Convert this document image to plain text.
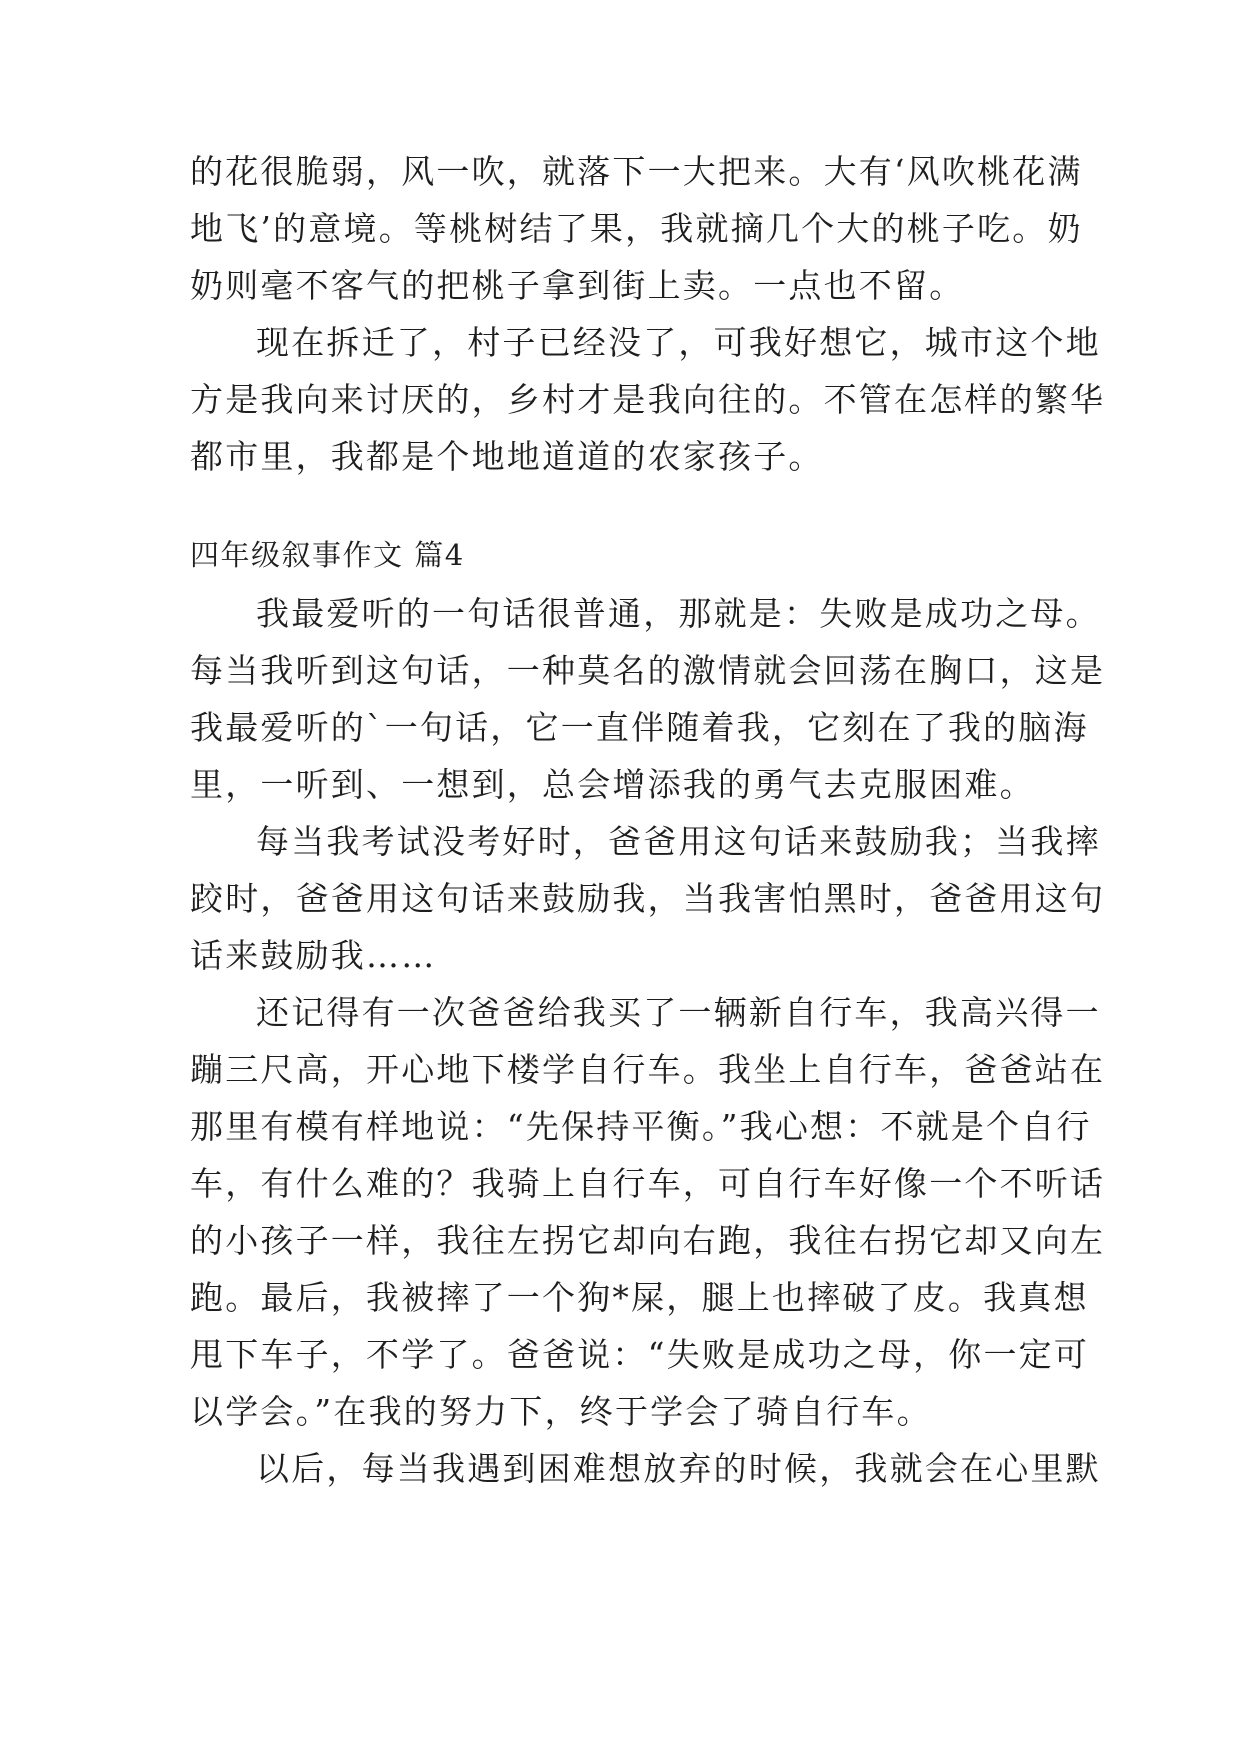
的花很脆弱，风一吹，就落下一大把来。大有‘风吹桃花满
地飞’的意境。等桃树结了果，我就摘几个大的桃子吃。奶
奶则毫不客气的把桃子拿到街上卖。一点也不留。
现在拆迁了，村子已经没了，可我好想它，城市这个地
方是我向来讨厌的，乡村才是我向往的。不管在怎样的繁华
都市里，我都是个地地道道的农家孩子。
四年级叙事作文 篇4
我最爱听的一句话很普通，那就是：失败是成功之母。
每当我听到这句话，一种莫名的激情就会回荡在胸口，这是
我最爱听的`一句话，它一直伴随着我，它刻在了我的脑海
里，一听到、一想到，总会增添我的勇气去克服困难。
每当我考试没考好时，爸爸用这句话来鼓励我；当我摔
跤时，爸爸用这句话来鼓励我，当我害怕黑时，爸爸用这句
话来鼓励我……
还记得有一次爸爸给我买了一辆新自行车，我高兴得一
蹦三尺高，开心地下楼学自行车。我坐上自行车，爸爸站在
那里有模有样地说：“先保持平衡。”我心想：不就是个自行
车，有什么难的？我骑上自行车，可自行车好像一个不听话
的小孩子一样，我往左拐它却向右跑，我往右拐它却又向左
跑。最后，我被摔了一个狗*屎，腿上也摔破了皮。我真想
甩下车子，不学了。爸爸说：“失败是成功之母，你一定可
以学会。”在我的努力下，终于学会了骑自行车。
以后，每当我遇到困难想放弃的时候，我就会在心里默
